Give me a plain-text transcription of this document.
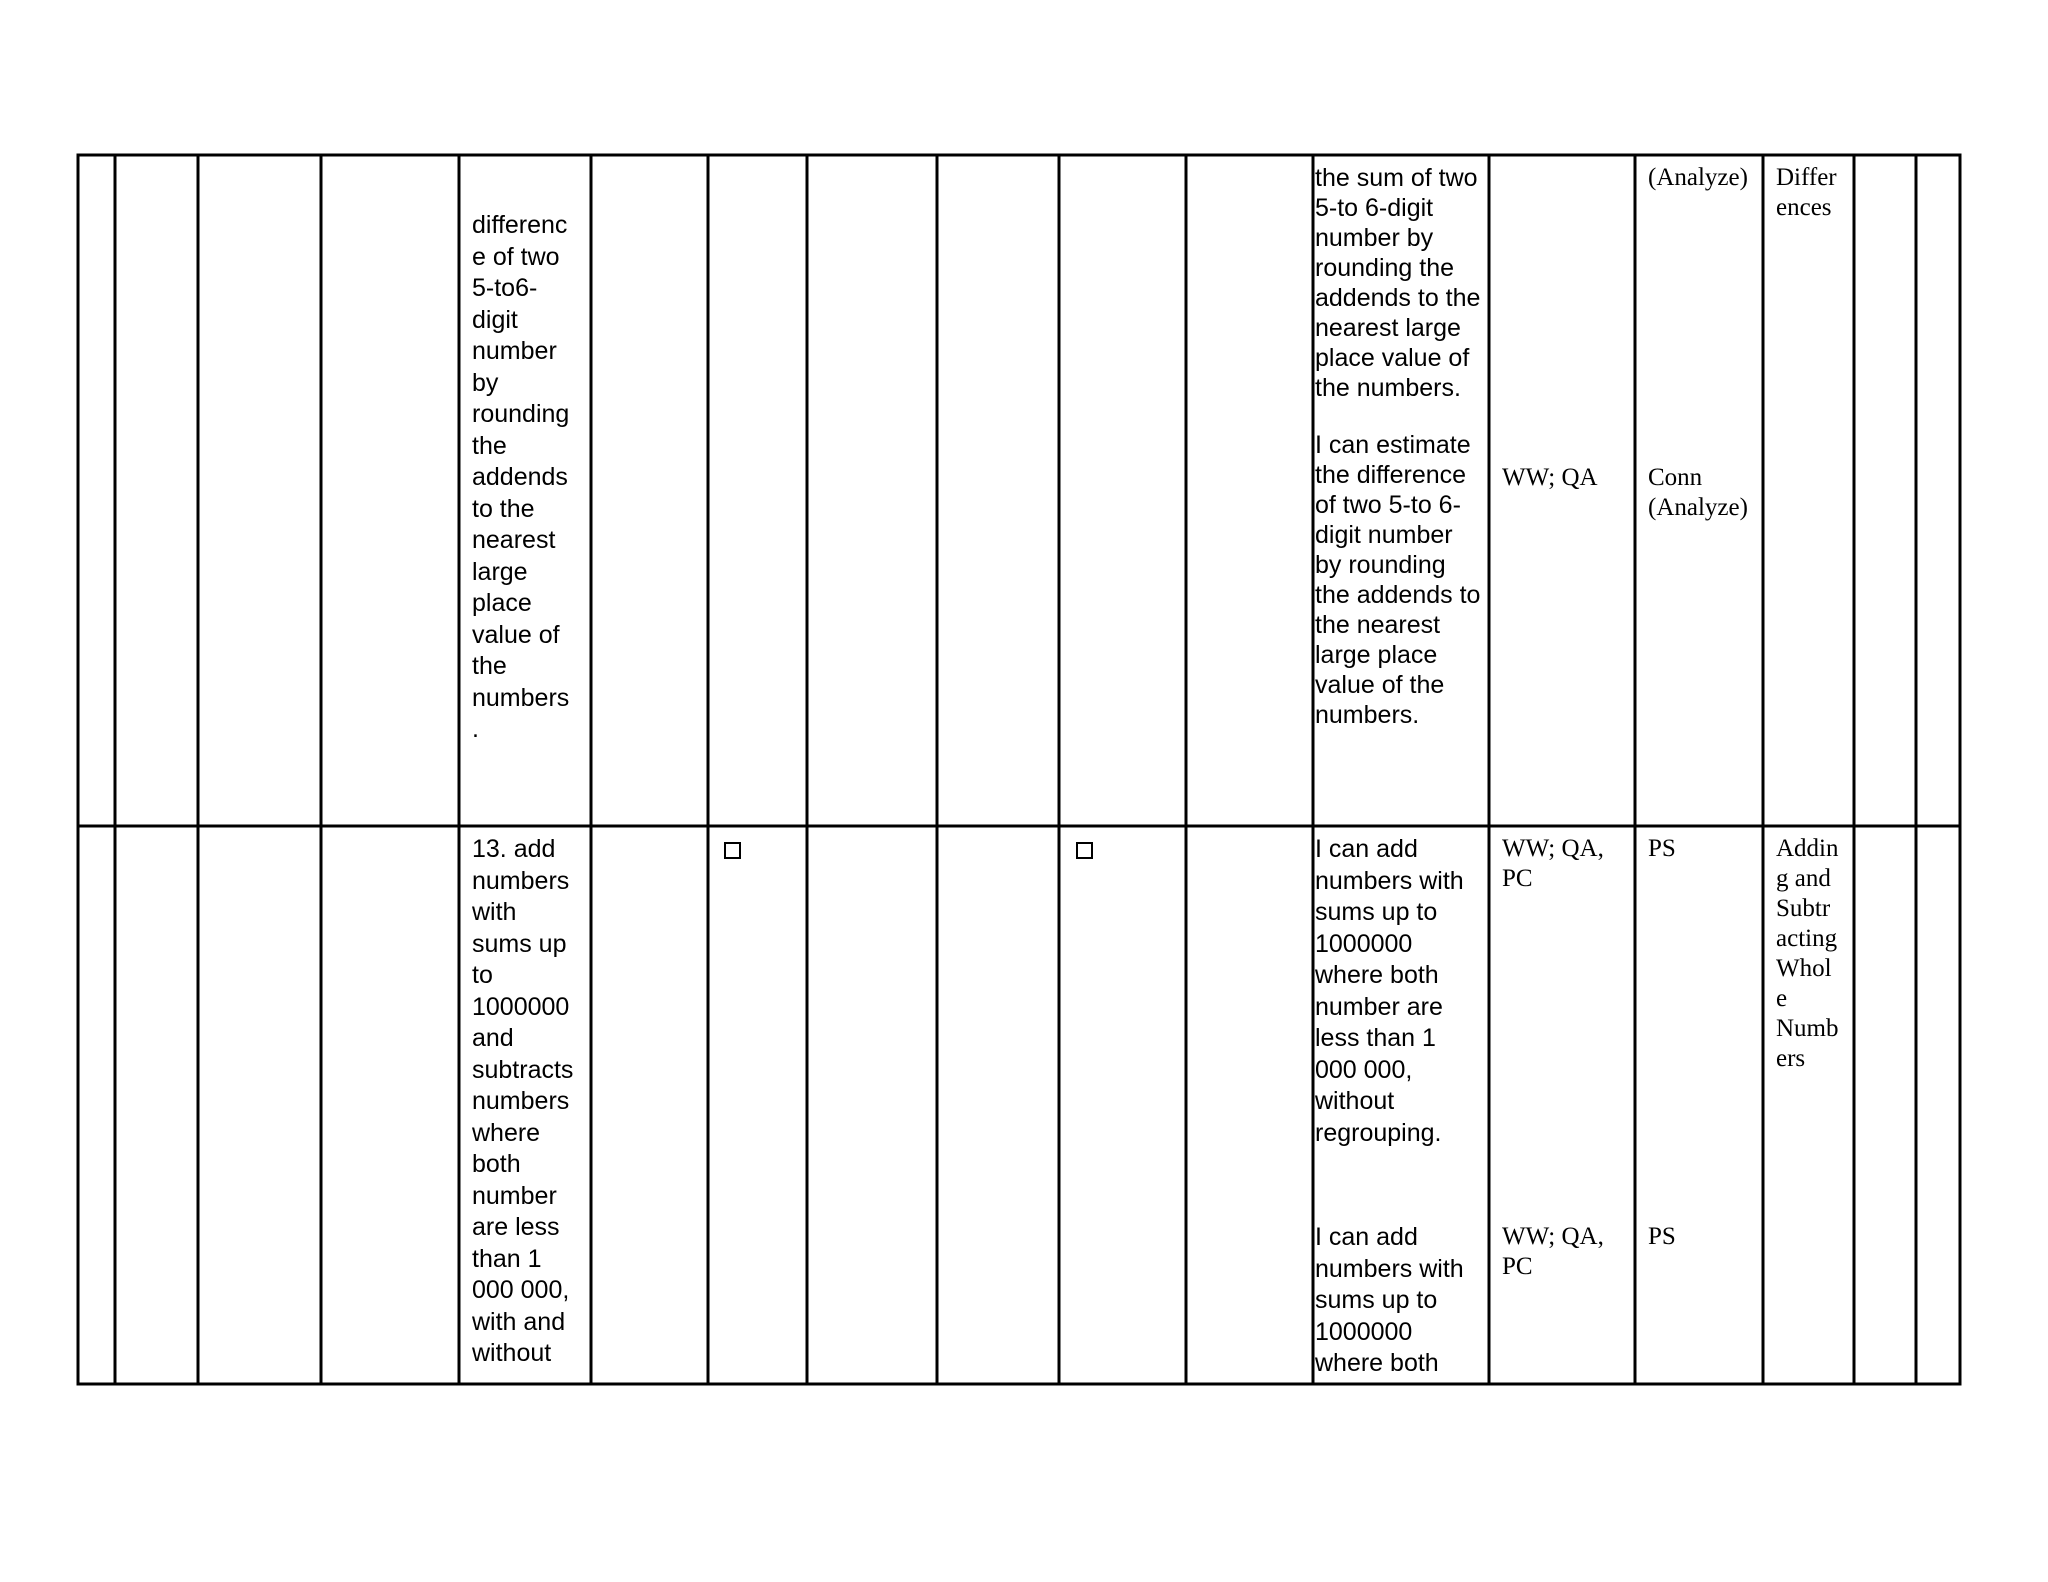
differenc
e of two
5-to6-
digit
number
by
rounding
the
addends
to the
nearest
large
place
value of
the
numbers
.
the sum of two
5-to 6-digit
number by
rounding the
addends to the
nearest large
place value of
the numbers.
I can estimate
the difference
of two 5-to 6-
digit number
by rounding
the addends to
the nearest
large place
value of the
numbers.
WW; QA
(Analyze)
Conn
(Analyze)
Differ
ences
13. add
numbers
with
sums up
to
1000000
and
subtracts
numbers
where
both
number
are less
than 1
000 000,
with and
without
I can add
numbers with
sums up to
1000000
where both
number are
less than 1
000 000,
without
regrouping.
I can add
numbers with
sums up to
1000000
where both
WW; QA,
PC
WW; QA,
PC
PS
PS
Addin
g and
Subtr
acting
Whol
e
Numb
ers
